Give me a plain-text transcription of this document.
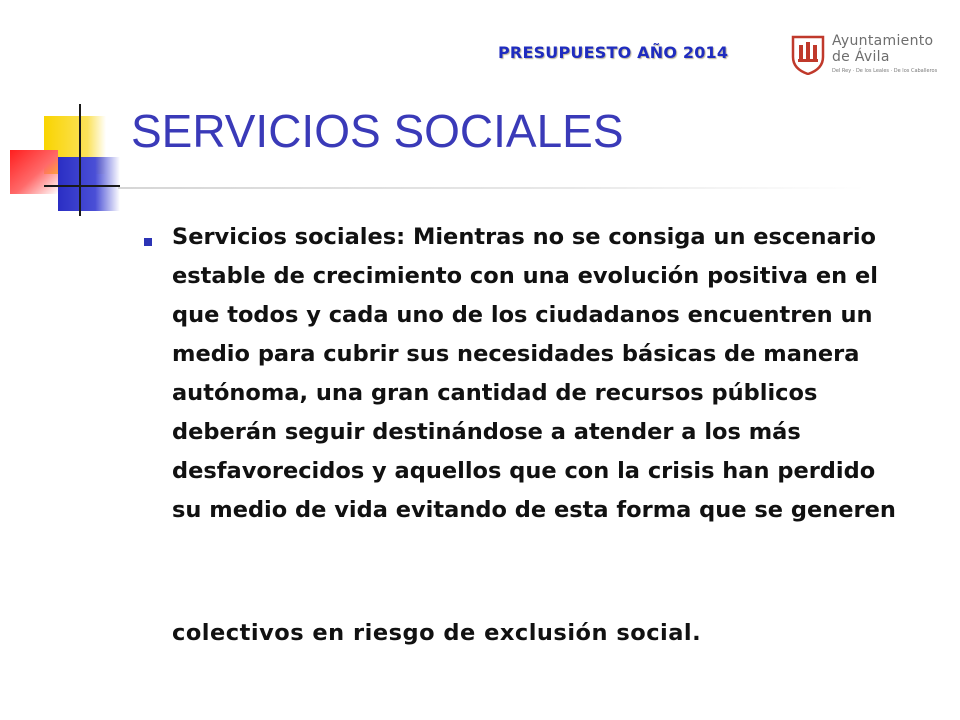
PRESUPUESTO AÑO 2014
Ayuntamiento
de Ávila
Del Rey · De los Leales · De los Caballeros
SERVICIOS SOCIALES

Servicios sociales: Mientras no se consiga un escenario estable de crecimiento con una evolución positiva en el que todos y cada uno de los ciudadanos encuentren un medio para cubrir sus necesidades básicas de manera autónoma, una gran cantidad de recursos públicos deberán seguir destinándose a atender a los más desfavorecidos y aquellos que con la crisis han perdido su medio de vida evitando de esta forma que se generen

colectivos en riesgo de exclusión social.
